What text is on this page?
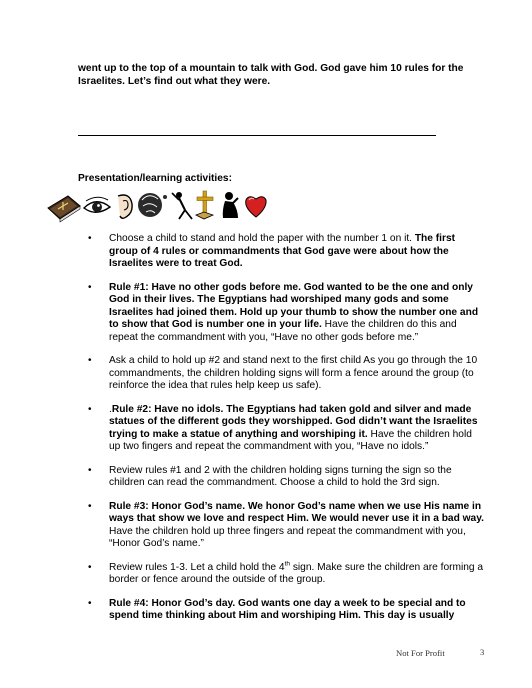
went up to the top of a mountain to talk with God. God gave him 10 rules for the Israelites. Let’s find out what they were.
Presentation/learning activities:
• Choose a child to stand and hold the paper with the number 1 on it. The first group of 4 rules or commandments that God gave were about how the Israelites were to treat God.
• Rule #1: Have no other gods before me. God wanted to be the one and only God in their lives. The Egyptians had worshiped many gods and some Israelites had joined them. Hold up your thumb to show the number one and to show that God is number one in your life. Have the children do this and repeat the commandment with you, “Have no other gods before me.”
• Ask a child to hold up #2 and stand next to the first child As you go through the 10 commandments, the children holding signs will form a fence around the group (to reinforce the idea that rules help keep us safe).
• .Rule #2: Have no idols. The Egyptians had taken gold and silver and made statues of the different gods they worshipped. God didn’t want the Israelites trying to make a statue of anything and worshiping it. Have the children hold up two fingers and repeat the commandment with you, “Have no idols.”
• Review rules #1 and 2 with the children holding signs turning the sign so the children can read the commandment. Choose a child to hold the 3rd sign.
• Rule #3: Honor God’s name. We honor God’s name when we use His name in ways that show we love and respect Him. We would never use it in a bad way. Have the children hold up three fingers and repeat the commandment with you, “Honor God’s name.”
• Review rules 1-3. Let a child hold the 4th sign. Make sure the children are forming a border or fence around the outside of the group.
• Rule #4: Honor God’s day. God wants one day a week to be special and to spend time thinking about Him and worshiping Him. This day is usually
Not For Profit	3
